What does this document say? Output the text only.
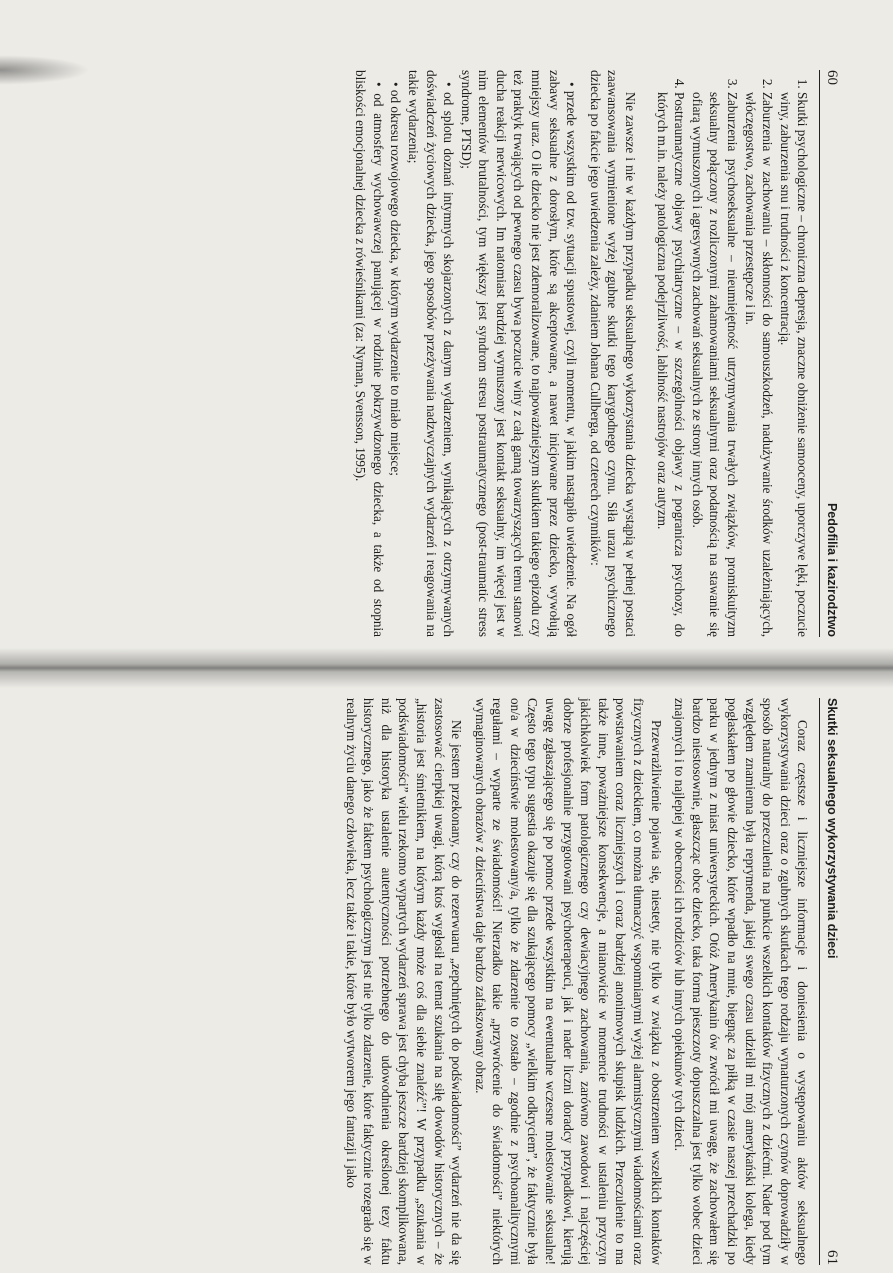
60
Pedofilia i kazirodztwo
1. Skutki psychologiczne – chroniczna depresja, znaczne obniżenie samooceny, uporczywe lęki, poczucie winy, zaburzenia snu i trudności z koncentracją.
2. Zaburzenia w zachowaniu – skłonności do samouszkodzeń, nadużywanie środków uzależniających, włóczęgostwo, zachowania przestępcze i in.
3. Zaburzenia psychoseksualne – nieumiejętność utrzymywania trwałych związków, promiskuityzm seksualny połączony z rozliczonymi zahamowaniami seksualnymi oraz podatnością na stawanie się ofiarą wymuszonych i agresywnych zachowań seksualnych ze strony innych osób.
4. Posttraumatyczne objawy psychiatryczne – w szczególności objawy z pogranicza psychozy, do których m.in. należy patologiczna podejrzliwość, labilność nastrojów oraz autyzm.

Nie zawsze i nie w każdym przypadku seksualnego wykorzystania dziecka wystąpią w pełnej postaci zaawansowania wymienione wyżej zgubne skutki tego karygodnego czynu. Siła urazu psychicznego dziecka po fakcie jego uwiedzenia zależy, zdaniem Johana Cullberga, od czterech czynników:

• przede wszystkim od tzw. sytuacji spustowej, czyli momentu, w jakim nastąpiło uwiedzenie. Na ogół zabawy seksualne z dorosłym, które są akceptowane, a nawet inicjowane przez dziecko, wywołują mniejszy uraz. O ile dziecko nie jest zdemoralizowane, to najpoważniejszym skutkiem takiego epizodu czy też praktyk trwających od pewnego czasu bywa poczucie winy z całą gamą towarzyszących temu stanowi ducha reakcji nerwicowych. Im natomiast bardziej wymuszony jest kontakt seksualny, im więcej jest w nim elementów brutalności, tym większy jest syndrom stresu postraumatycznego (post-traumatic stress syndrome, PTSD);

• od splotu doznań intymnych skojarzonych z danym wydarzeniem, wynikających z otrzymywanych doświadczeń życiowych dziecka, jego sposobów przeżywania nadzwyczajnych wydarzeń i reagowania na takie wydarzenia;

• od okresu rozwojowego dziecka, w którym wydarzenie to miało miejsce;

• od atmosfery wychowawczej panującej w rodzinie pokrzywdzonego dziecka, a także od stopnia bliskości emocjonalnej dziecka z rówieśnikami (za: Nyman, Svensson, 1995).

Skutki seksualnego wykorzystywania dzieci
61

Coraz częstsze i liczniejsze informacje i doniesienia o występowaniu aktów seksualnego wykorzystywania dzieci oraz o zgubnych skutkach tego rodzaju wynaturzonych czynów doprowadziły w sposób naturalny do przeczulenia na punkcie wszelkich kontaktów fizycznych z dziećmi. Nader pod tym względem znamienna była reprymenda, jakiej swego czasu udzielił mi mój amerykański kolega, kiedy pogłaskałem po głowie dziecko, które wpadło na mnie, biegnąc za piłką w czasie naszej przechadzki po parku w jednym z miast uniwersyteckich. Otóż Amerykanin ów zwrócił mi uwagę, że zachowałem się bardzo niestosownie, głaszcząc obce dziecko, taka forma pieszczoty dopuszczalna jest tylko wobec dzieci znajomych i to najlepiej w obecności ich rodziców lub innych opiekunów tych dzieci.

Przewrażliwienie pojawia się, niestety, nie tylko w związku z obostrzeniem wszelkich kontaktów fizycznych z dzieckiem, co można tłumaczyć wspomnianymi wyżej alarmistycznymi wiadomościami oraz powstawaniem coraz liczniejszych i coraz bardziej anonimowych skupisk ludzkich. Przeczulenie to ma także inne, poważniejsze konsekwencje, a mianowicie w momencie trudności w ustaleniu przyczyn jakichkolwiek form patologicznego czy dewiacyjnego zachowania, zarówno zawodowi i najczęściej dobrze profesjonalnie przygotowani psychoterapeuci, jak i nader liczni doradcy przypadkowi, kierują uwagę zgłaszającego się po pomoc przede wszystkim na ewentualne wczesne molestowanie seksualne! Często tego typu sugestia okazuje się dla szukającego pomocy „wielkim odkryciem”, że faktycznie była on/a w dzieciństwie molestowany/a, tylko że zdarzenie to zostało – zgodnie z psychoanalitycznymi regułami – wyparte ze świadomości! Nierzadko takie „przywrócenie do świadomości” niektórych wymaginowanych obrazów z dzieciństwa daje bardzo zafałszowany obraz.

Nie jestem przekonany, czy do rezerwuaru „zepchniętych do podświadomości” wydarzeń nie da się zastosować cierpkiej uwagi, którą ktoś wygłosił na temat szukania na siłę dowodów historycznych – że „historia jest śmietnikiem, na którym każdy może coś dla siebie znaleźć”! W przypadku „szukania w podświadomości” wielu rzekomo wypartych wydarzeń sprawa jest chyba jeszcze bardziej skomplikowana, niż dla historyka ustalenie autentyczności potrzebnego do udowodnienia określonej tezy faktu historycznego, jako że faktem psychologicznym jest nie tylko zdarzenie, które faktycznie rozegrało się w realnym życiu danego człowieka, lecz także i takie, które było wytworem jego fantazji i jako
